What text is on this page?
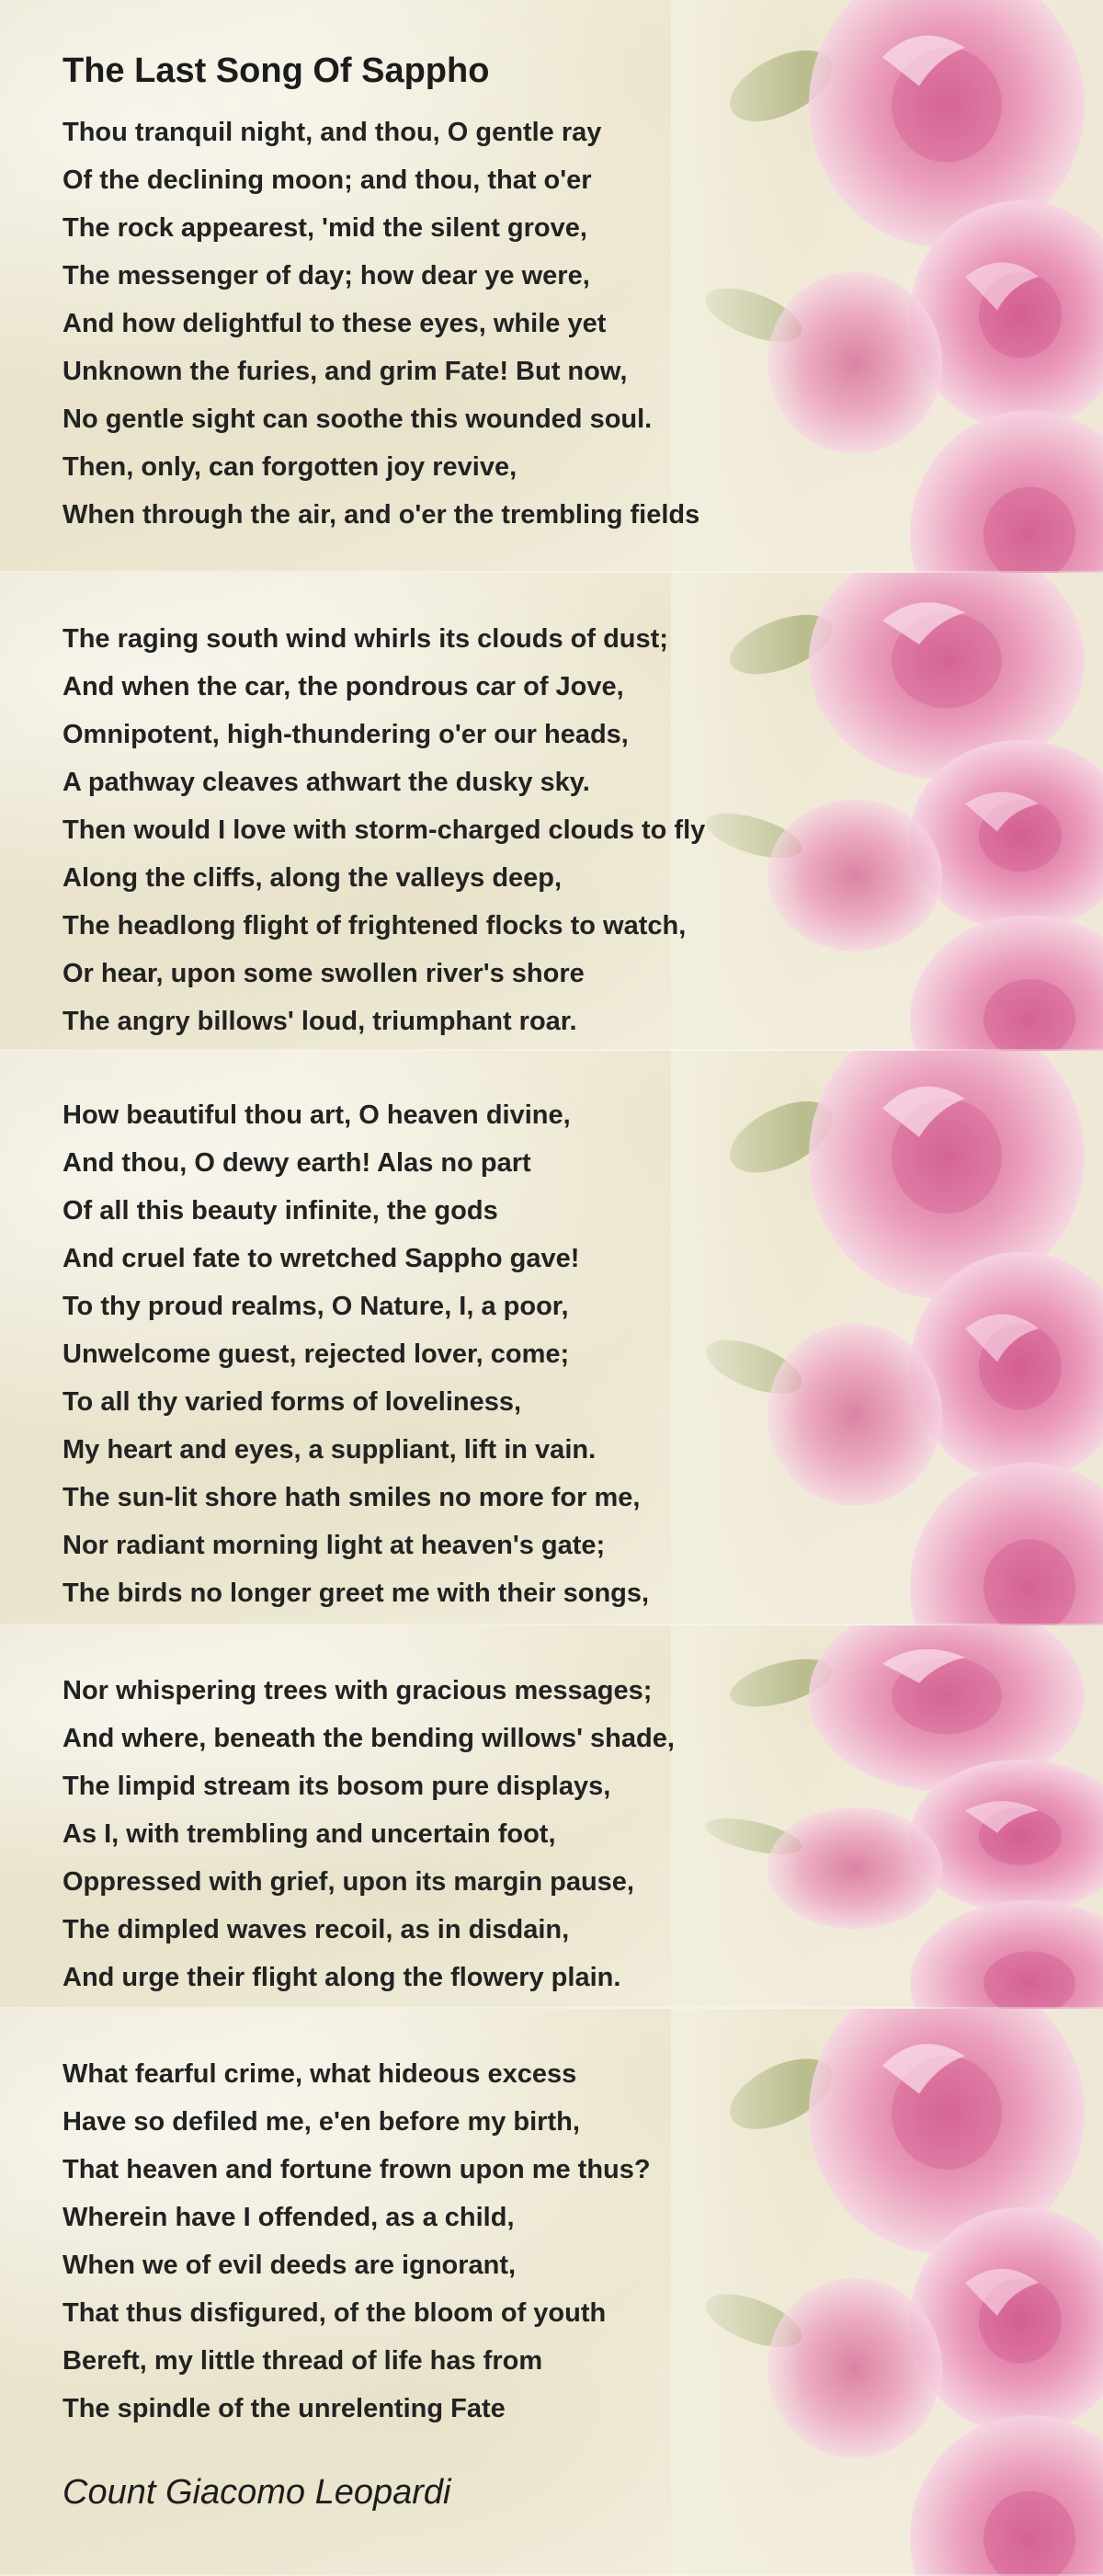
The Last Song Of Sappho
Thou tranquil night, and thou, O gentle ray
Of the declining moon; and thou, that o'er
The rock appearest, 'mid the silent grove,
The messenger of day; how dear ye were,
And how delightful to these eyes, while yet
Unknown the furies, and grim Fate! But now,
No gentle sight can soothe this wounded soul.
Then, only, can forgotten joy revive,
When through the air, and o'er the trembling fields
The raging south wind whirls its clouds of dust;
And when the car, the pondrous car of Jove,
Omnipotent, high-thundering o'er our heads,
A pathway cleaves athwart the dusky sky.
Then would I love with storm-charged clouds to fly
Along the cliffs, along the valleys deep,
The headlong flight of frightened flocks to watch,
Or hear, upon some swollen river's shore
The angry billows' loud, triumphant roar.
How beautiful thou art, O heaven divine,
And thou, O dewy earth! Alas no part
Of all this beauty infinite, the gods
And cruel fate to wretched Sappho gave!
To thy proud realms, O Nature, I, a poor,
Unwelcome guest, rejected lover, come;
To all thy varied forms of loveliness,
My heart and eyes, a suppliant, lift in vain.
The sun-lit shore hath smiles no more for me,
Nor radiant morning light at heaven's gate;
The birds no longer greet me with their songs,
Nor whispering trees with gracious messages;
And where, beneath the bending willows' shade,
The limpid stream its bosom pure displays,
As I, with trembling and uncertain foot,
Oppressed with grief, upon its margin pause,
The dimpled waves recoil, as in disdain,
And urge their flight along the flowery plain.
What fearful crime, what hideous excess
Have so defiled me, e'en before my birth,
That heaven and fortune frown upon me thus?
Wherein have I offended, as a child,
When we of evil deeds are ignorant,
That thus disfigured, of the bloom of youth
Bereft, my little thread of life has from
The spindle of the unrelenting Fate
Count Giacomo Leopardi
